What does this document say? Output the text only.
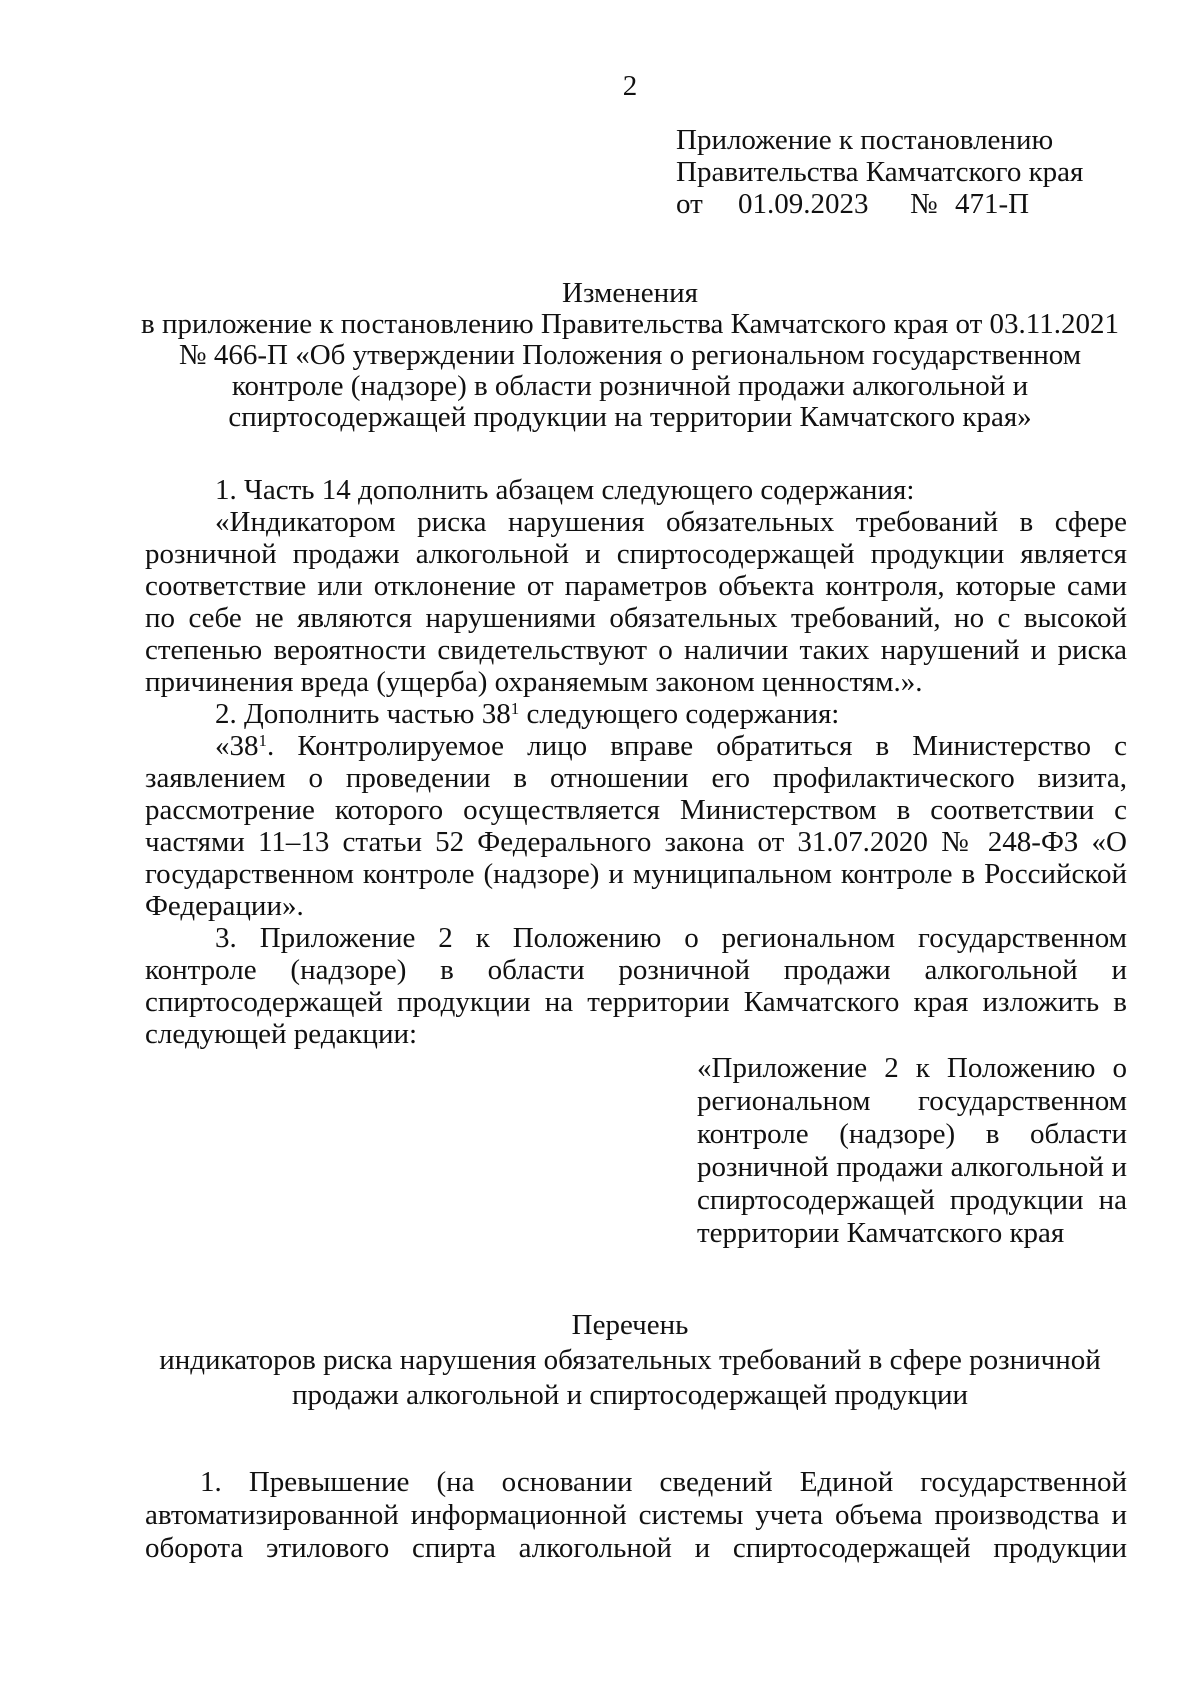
2
Приложение к постановлению
Правительства Камчатского края
от	01.09.2023	№ 471-П
Изменения
в приложение к постановлению Правительства Камчатского края от 03.11.2021
№ 466-П «Об утверждении Положения о региональном государственном
контроле (надзоре) в области розничной продажи алкогольной и
спиртосодержащей продукции на территории Камчатского края»

1. Часть 14 дополнить абзацем следующего содержания:

«Индикатором риска нарушения обязательных требований в сфере розничной продажи алкогольной и спиртосодержащей продукции является соответствие или отклонение от параметров объекта контроля, которые сами по себе не являются нарушениями обязательных требований, но с высокой степенью вероятности свидетельствуют о наличии таких нарушений и риска причинения вреда (ущерба) охраняемым законом ценностям.».

2. Дополнить частью $38^1$ следующего содержания:

«$38^1$. Контролируемое лицо вправе обратиться в Министерство с заявлением о проведении в отношении его профилактического визита, рассмотрение которого осуществляется Министерством в соответствии с частями 11–13 статьи 52 Федерального закона от 31.07.2020 № 248-ФЗ «О государственном контроле (надзоре) и муниципальном контроле в Российской Федерации».

3. Приложение 2 к Положению о региональном государственном контроле (надзоре) в области розничной продажи алкогольной и спиртосодержащей продукции на территории Камчатского края изложить в следующей редакции:

«Приложение 2 к Положению о
региональном государственном
контроле (надзоре) в области
розничной продажи алкогольной и
спиртосодержащей продукции на
территории Камчатского края
Перечень
индикаторов риска нарушения обязательных требований в сфере розничной
продажи алкогольной и спиртосодержащей продукции
1. Превышение (на основании сведений Единой государственной
автоматизированной информационной системы учета объема производства и
оборота этилового спирта алкогольной и спиртосодержащей продукции
